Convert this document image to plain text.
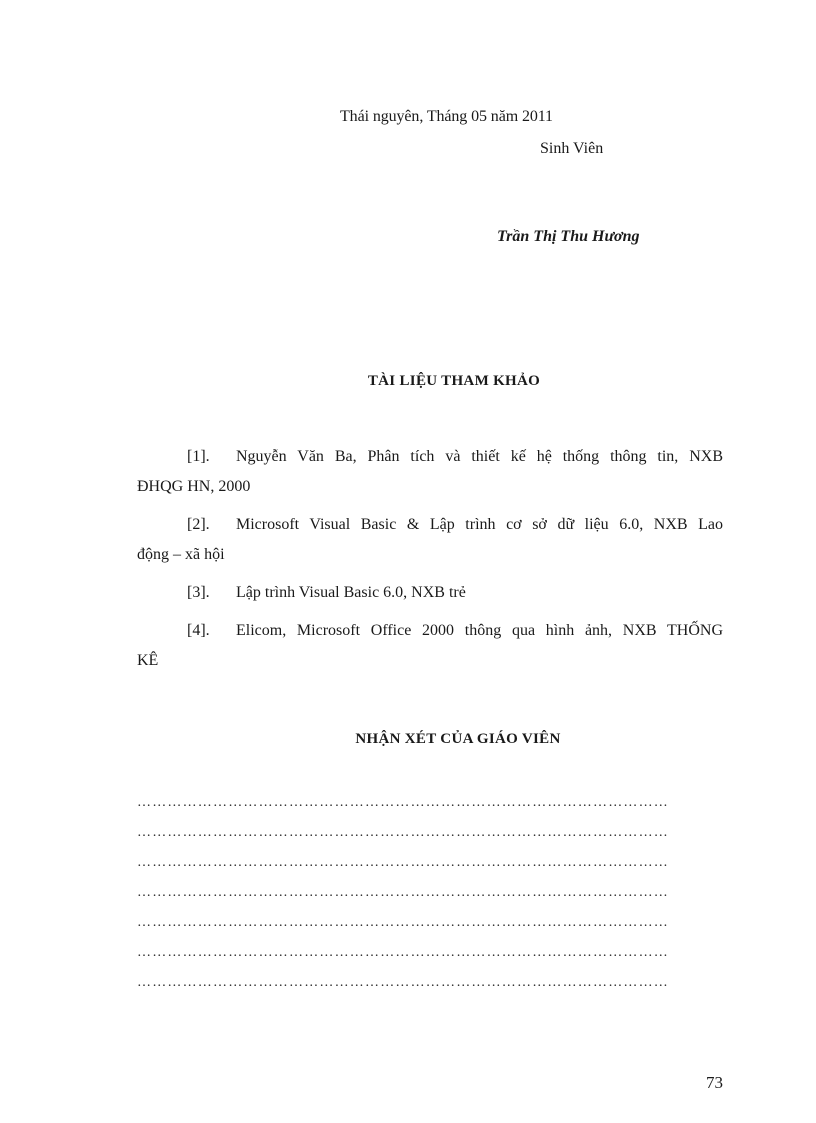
Thái nguyên, Tháng 05 năm 2011
Sinh Viên
Trần Thị Thu Hương
TÀI LIỆU THAM KHẢO
[1]. Nguyễn Văn Ba, Phân tích và thiết kế hệ thống thông tin, NXB
ĐHQG HN, 2000
[2]. Microsoft Visual Basic & Lập trình cơ sở dữ liệu 6.0, NXB Lao
động – xã hội
[3]. Lập trình Visual Basic 6.0, NXB trẻ
[4]. Elicom, Microsoft Office 2000 thông qua hình ảnh, NXB THỐNG
KÊ
NHẬN XÉT CỦA GIÁO VIÊN
……………………………………………………………………………………………
……………………………………………………………………………………………
……………………………………………………………………………………………
……………………………………………………………………………………………
……………………………………………………………………………………………
……………………………………………………………………………………………
……………………………………………………………………………………………
73
